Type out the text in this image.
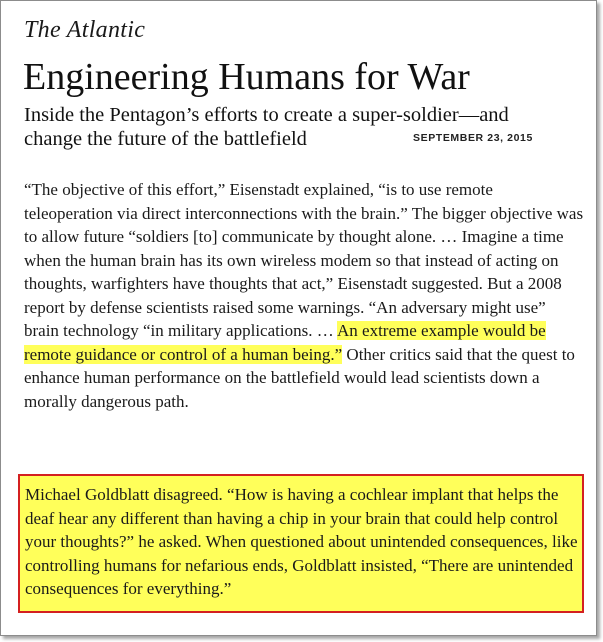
The Atlantic
Engineering Humans for War
Inside the Pentagon’s efforts to create a super-soldier—and change the future of the battlefield	SEPTEMBER 23, 2015

“The objective of this effort,” Eisenstadt explained, “is to use remote teleoperation via direct interconnections with the brain.” The bigger objective was to allow future “soldiers [to] communicate by thought alone. … Imagine a time when the human brain has its own wireless modem so that instead of acting on thoughts, warfighters have thoughts that act,” Eisenstadt suggested. But a 2008 report by defense scientists raised some warnings. “An adversary might use” brain technology “in military applications. … An extreme example would be remote guidance or control of a human being.” Other critics said that the quest to enhance human performance on the battlefield would lead scientists down a morally dangerous path.

Michael Goldblatt disagreed. “How is having a cochlear implant that helps the deaf hear any different than having a chip in your brain that could help control your thoughts?” he asked. When questioned about unintended consequences, like controlling humans for nefarious ends, Goldblatt insisted, “There are unintended consequences for everything.”
